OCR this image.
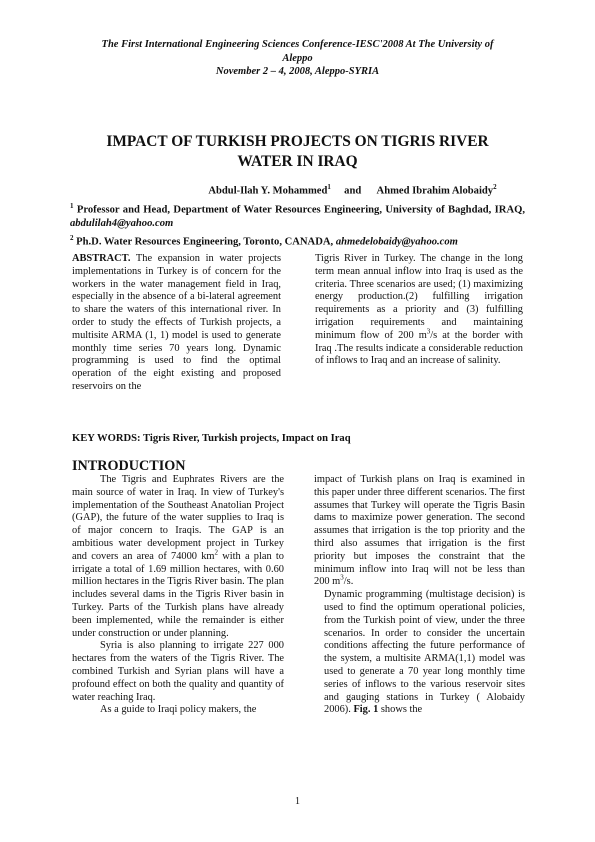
The First International Engineering Sciences Conference-IESC'2008 At The University of
Aleppo
November 2 – 4, 2008, Aleppo-SYRIA
IMPACT OF TURKISH PROJECTS ON TIGRIS RIVER
WATER IN IRAQ
Abdul-Ilah Y. Mohammed$^1$ and Ahmed Ibrahim Alobaidy$^2$
$^1$ Professor and Head, Department of Water Resources Engineering, University of Baghdad, IRAQ, abdulilah4@yahoo.com
$^2$ Ph.D. Water Resources Engineering, Toronto, CANADA, ahmedelobaidy@yahoo.com

ABSTRACT. The expansion in water projects implementations in Turkey is of concern for the workers in the water management field in Iraq, especially in the absence of a bi-lateral agreement to share the waters of this international river. In order to study the effects of Turkish projects, a multisite ARMA (1, 1) model is used to generate monthly time series 70 years long. Dynamic programming is used to find the optimal operation of the eight existing and proposed reservoirs on the

Tigris River in Turkey. The change in the long term mean annual inflow into Iraq is used as the criteria. Three scenarios are used; (1) maximizing energy production.(2) fulfilling irrigation requirements as a priority and (3) fulfilling irrigation requirements and maintaining minimum flow of 200 $m^3/s$ at the border with Iraq .The results indicate a considerable reduction of inflows to Iraq and an increase of salinity.

KEY WORDS: Tigris River, Turkish projects, Impact on Iraq
INTRODUCTION

The Tigris and Euphrates Rivers are the main source of water in Iraq. In view of Turkey's implementation of the Southeast Anatolian Project (GAP), the future of the water supplies to Iraq is of major concern to Iraqis. The GAP is an ambitious water development project in Turkey and covers an area of 74000 $km^2$ with a plan to irrigate a total of 1.69 million hectares, with 0.60 million hectares in the Tigris River basin. The plan includes several dams in the Tigris River basin in Turkey. Parts of the Turkish plans have already been implemented, while the remainder is either under construction or under planning.

Syria is also planning to irrigate 227 000 hectares from the waters of the Tigris River. The combined Turkish and Syrian plans will have a profound effect on both the quality and quantity of water reaching Iraq.

As a guide to Iraqi policy makers, the

impact of Turkish plans on Iraq is examined in this paper under three different scenarios. The first assumes that Turkey will operate the Tigris Basin dams to maximize power generation. The second assumes that irrigation is the top priority and the third also assumes that irrigation is the first priority but imposes the constraint that the minimum inflow into Iraq will not be less than 200 $m^3/s$.

Dynamic programming (multistage decision) is used to find the optimum operational policies, from the Turkish point of view, under the three scenarios. In order to consider the uncertain conditions affecting the future performance of the system, a multisite ARMA(1,1) model was used to generate a 70 year long monthly time series of inflows to the various reservoir sites and gauging stations in Turkey ( Alobaidy 2006). Fig. 1 shows the

1
